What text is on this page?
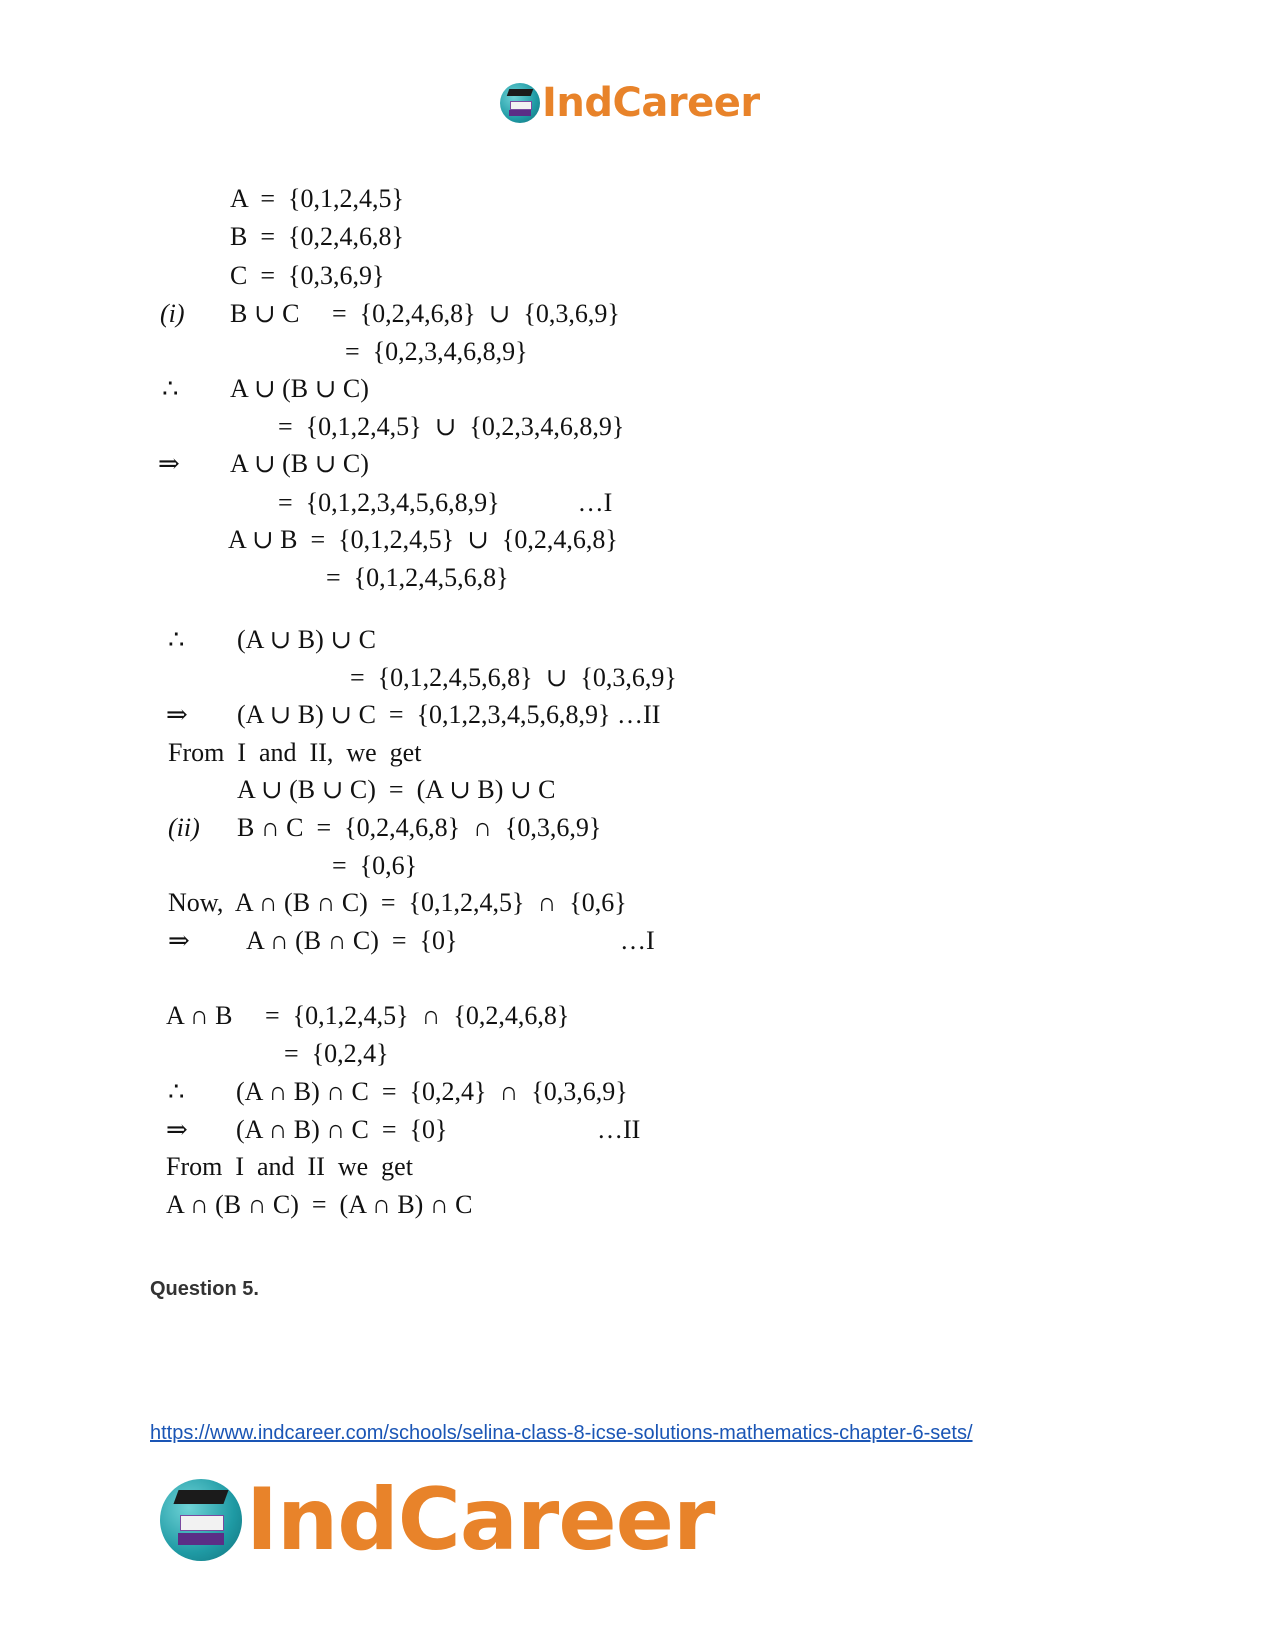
IndCareer
A  =  {0,1,2,4,5}
B  =  {0,2,4,6,8}
C  =  {0,3,6,9}
(i) B ∪ C     =  {0,2,4,6,8}  ∪  {0,3,6,9}
=  {0,2,3,4,6,8,9}
∴ A ∪ (B ∪ C)
=  {0,1,2,4,5}  ∪  {0,2,3,4,6,8,9}
⇒ A ∪ (B ∪ C)
=  {0,1,2,3,4,5,6,8,9}            …I
A ∪ B  =  {0,1,2,4,5}  ∪  {0,2,4,6,8}
=  {0,1,2,4,5,6,8}
∴ (A ∪ B) ∪ C
=  {0,1,2,4,5,6,8}  ∪  {0,3,6,9}
⇒ (A ∪ B) ∪ C  =  {0,1,2,3,4,5,6,8,9} …II
From  I  and  II,  we  get
A ∪ (B ∪ C)  =  (A ∪ B) ∪ C
(ii) B ∩ C  =  {0,2,4,6,8}  ∩  {0,3,6,9}
=  {0,6}
Now,  A ∩ (B ∩ C)  =  {0,1,2,4,5}  ∩  {0,6}
⇒ A ∩ (B ∩ C)  =  {0}                         …I
A ∩ B     =  {0,1,2,4,5}  ∩  {0,2,4,6,8}
=  {0,2,4}
∴ (A ∩ B) ∩ C  =  {0,2,4}  ∩  {0,3,6,9}
⇒ (A ∩ B) ∩ C  =  {0}                       …II
From  I  and  II  we  get
A ∩ (B ∩ C)  =  (A ∩ B) ∩ C
Question 5.
https://www.indcareer.com/schools/selina-class-8-icse-solutions-mathematics-chapter-6-sets/
IndCareer
